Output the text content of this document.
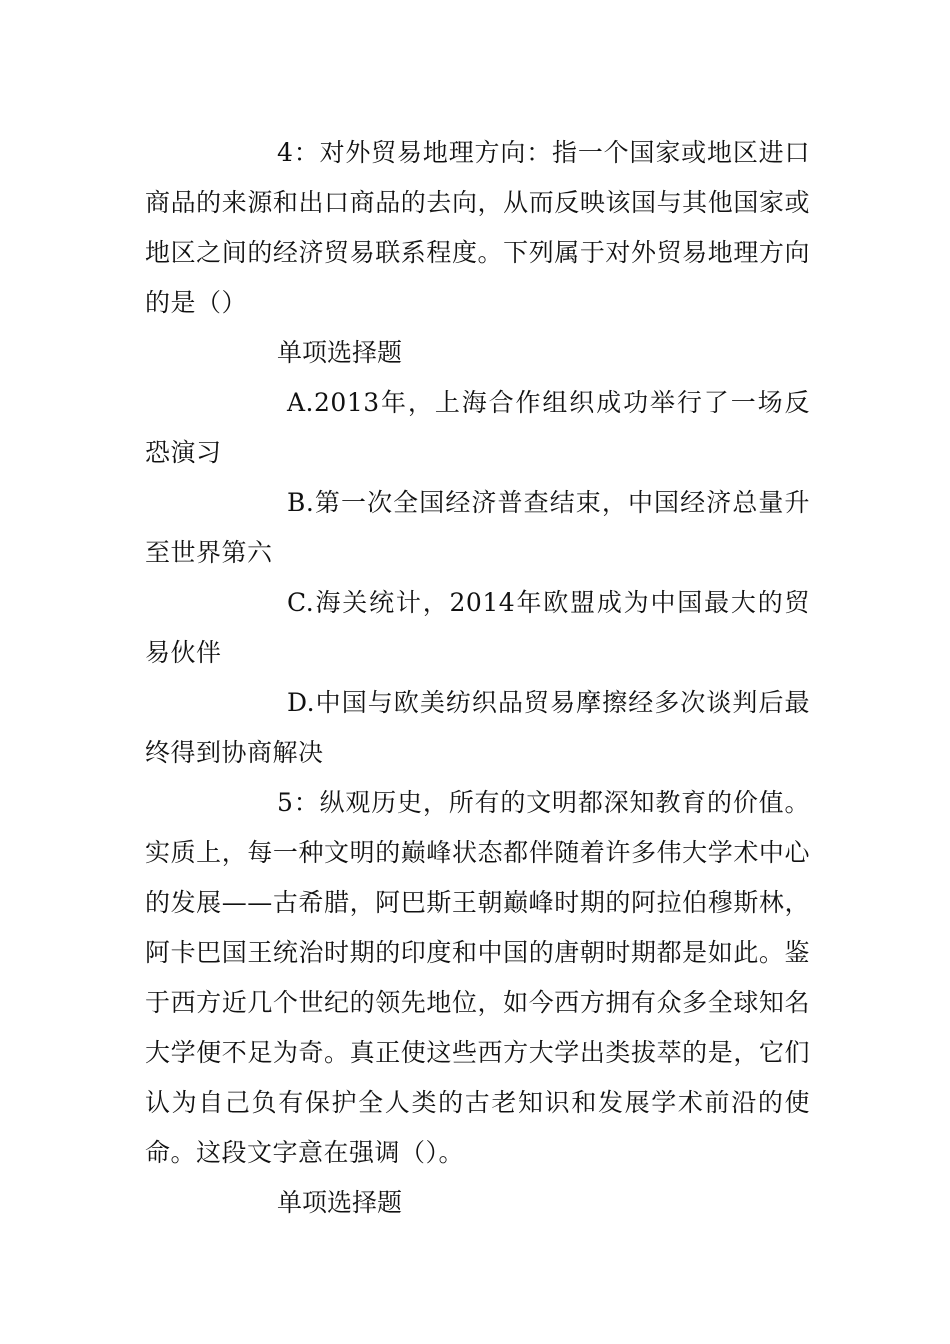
4：对外贸易地理方向：指一个国家或地区进口商品的来源和出口商品的去向，从而反映该国与其他国家或地区之间的经济贸易联系程度。下列属于对外贸易地理方向的是（）

单项选择题

A.2013年，上海合作组织成功举行了一场反恐演习

B.第一次全国经济普查结束，中国经济总量升至世界第六

C.海关统计，2014年欧盟成为中国最大的贸易伙伴

D.中国与欧美纺织品贸易摩擦经多次谈判后最终得到协商解决

5：纵观历史，所有的文明都深知教育的价值。实质上，每一种文明的巅峰状态都伴随着许多伟大学术中心的发展——古希腊，阿巴斯王朝巅峰时期的阿拉伯穆斯林，阿卡巴国王统治时期的印度和中国的唐朝时期都是如此。鉴于西方近几个世纪的领先地位，如今西方拥有众多全球知名大学便不足为奇。真正使这些西方大学出类拔萃的是，它们认为自己负有保护全人类的古老知识和发展学术前沿的使命。这段文字意在强调（）。

单项选择题
